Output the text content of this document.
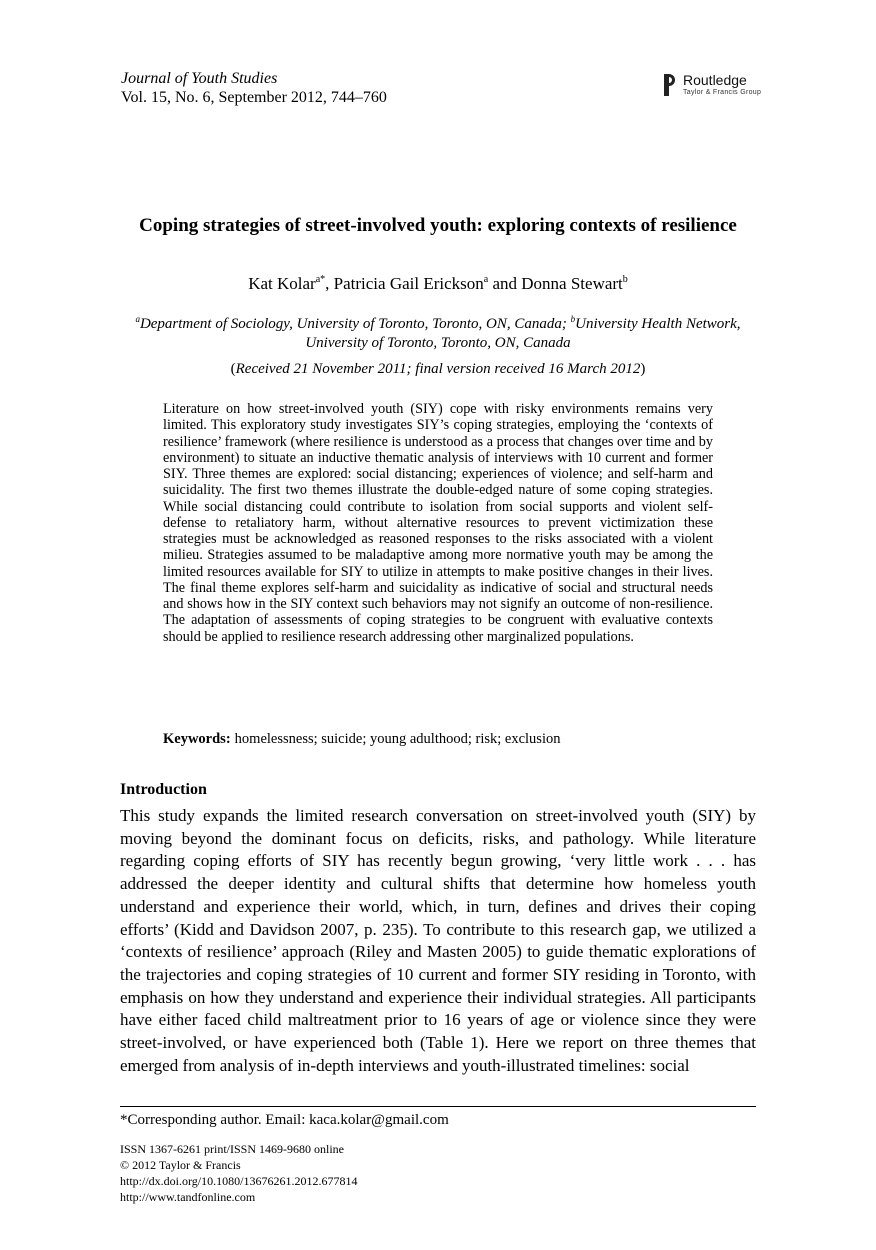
Journal of Youth Studies
Vol. 15, No. 6, September 2012, 744–760
Routledge
Taylor & Francis Group
Coping strategies of street-involved youth: exploring contexts of resilience
Kat Kolar$^{a*}$, Patricia Gail Erickson$^a$ and Donna Stewart$^b$
$^a$Department of Sociology, University of Toronto, Toronto, ON, Canada; $^b$University Health Network, University of Toronto, Toronto, ON, Canada
(Received 21 November 2011; final version received 16 March 2012)
Literature on how street-involved youth (SIY) cope with risky environments remains very limited. This exploratory study investigates SIY’s coping strategies, employing the ‘contexts of resilience’ framework (where resilience is understood as a process that changes over time and by environment) to situate an inductive thematic analysis of interviews with 10 current and former SIY. Three themes are explored: social distancing; experiences of violence; and self-harm and suicidality. The first two themes illustrate the double-edged nature of some coping strategies. While social distancing could contribute to isolation from social supports and violent self-defense to retaliatory harm, without alternative resources to prevent victimization these strategies must be acknowledged as reasoned responses to the risks associated with a violent milieu. Strategies assumed to be maladaptive among more normative youth may be among the limited resources available for SIY to utilize in attempts to make positive changes in their lives. The final theme explores self-harm and suicidality as indicative of social and structural needs and shows how in the SIY context such behaviors may not signify an outcome of non-resilience. The adaptation of assessments of coping strategies to be congruent with evaluative contexts should be applied to resilience research addressing other marginalized populations.
Keywords: homelessness; suicide; young adulthood; risk; exclusion
Introduction
This study expands the limited research conversation on street-involved youth (SIY) by moving beyond the dominant focus on deficits, risks, and pathology. While literature regarding coping efforts of SIY has recently begun growing, ‘very little work . . . has addressed the deeper identity and cultural shifts that determine how homeless youth understand and experience their world, which, in turn, defines and drives their coping efforts’ (Kidd and Davidson 2007, p. 235). To contribute to this research gap, we utilized a ‘contexts of resilience’ approach (Riley and Masten 2005) to guide thematic explorations of the trajectories and coping strategies of 10 current and former SIY residing in Toronto, with emphasis on how they understand and experience their individual strategies. All participants have either faced child maltreatment prior to 16 years of age or violence since they were street-involved, or have experienced both (Table 1). Here we report on three themes that emerged from analysis of in-depth interviews and youth-illustrated timelines: social
*Corresponding author. Email: kaca.kolar@gmail.com
ISSN 1367-6261 print/ISSN 1469-9680 online
© 2012 Taylor & Francis
http://dx.doi.org/10.1080/13676261.2012.677814
http://www.tandfonline.com
